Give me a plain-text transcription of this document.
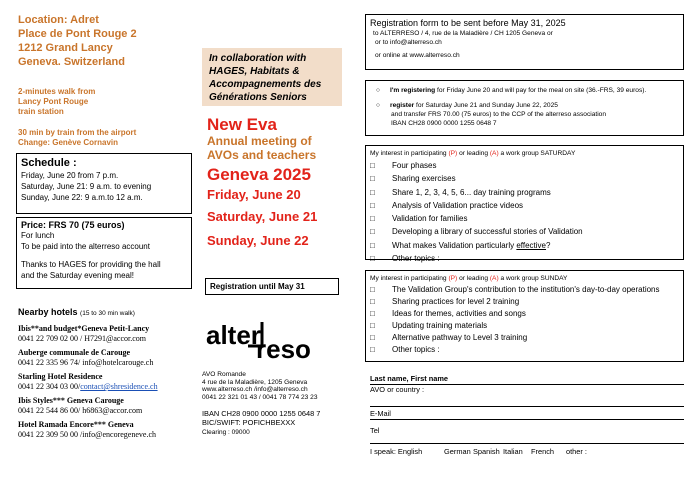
Location: Adret
Place de Pont Rouge 2
1212 Grand Lancy
Geneva. Switzerland
2-minutes walk from
Lancy Pont Rouge
train station
30 min by train from the airport
Change: Genève Cornavin
Schedule :
Friday, June 20 from 7 p.m.
Saturday, June 21: 9 a.m. to evening
Sunday, June 22: 9 a.m.to 12 a.m.
Price: FRS 70 (75 euros)
For lunch
To be paid into the alterreso account
Thanks to HAGES for providing the hall
and the Saturday evening meal!
Nearby hotels (15 to 30 min walk)
Ibis**and budget*Geneva Petit-Lancy
0041 22 709 02 00 / H7291@accor.com
Auberge communale de Carouge
0041 22 335 96 74/ info@hotelcarouge.ch
Starling Hotel Residence
0041 22 304 03 00/contact@shresidence.ch
Ibis Styles*** Geneva Carouge
0041 22 544 86 00/ h6863@accor.com
Hotel Ramada Encore*** Geneva
0041 22 309 50 00 /info@encoregeneve.ch
In collaboration with HAGES, Habitats & Accompagnements des Générations Seniors
New Eva
Annual meeting of AVOs and teachers
Geneva 2025
Friday, June 20
Saturday, June 21
Sunday, June 22
Registration until May 31
alter
reso
AVO Romande
4 rue de la Maladière, 1205 Geneva
www.alterreso.ch /info@alterreso.ch
0041 22 321 01 43 / 0041 78 774 23 23
IBAN CH28 0900 0000 1255 0648 7
BIC/SWIFT: POFICHBEXXX
Clearing : 09000
Registration form to be sent before May 31, 2025
to ALTERRESO / 4, rue de la Maladière / CH 1205 Geneva or
or to info@alterreso.ch
or online at www.alterreso.ch
○	I'm registering for Friday June 20 and will pay for the meal on site (36.-FRS, 39 euros).
○	register for Saturday June 21 and Sunday June 22, 2025
and transfer FRS 70.00 (75 euros) to the CCP of the alterreso association
IBAN CH28 0900 0000 1255 0648 7
My interest in participating (P) or leading (A) a work group SATURDAY
□	Four phases
□	Sharing exercises
□	Share 1, 2, 3, 4, 5, 6... day training programs
□	Analysis of Validation practice videos
□	Validation for families
□	Developing a library of successful stories of Validation
□	What makes Validation particularly effective?
□	Other topics :
My interest in participating (P) or leading (A) a work group SUNDAY
□	The Validation Group's contribution to the institution's day-to-day operations
□	Sharing practices for level 2 training
□	Ideas for themes, activities and songs
□	Updating training materials
□	Alternative pathway to Level 3 training
□	Other topics :
Last name, First name
AVO or country :
E-Mail
Tel
I speak: English	German Spanish Italian	French	other :
